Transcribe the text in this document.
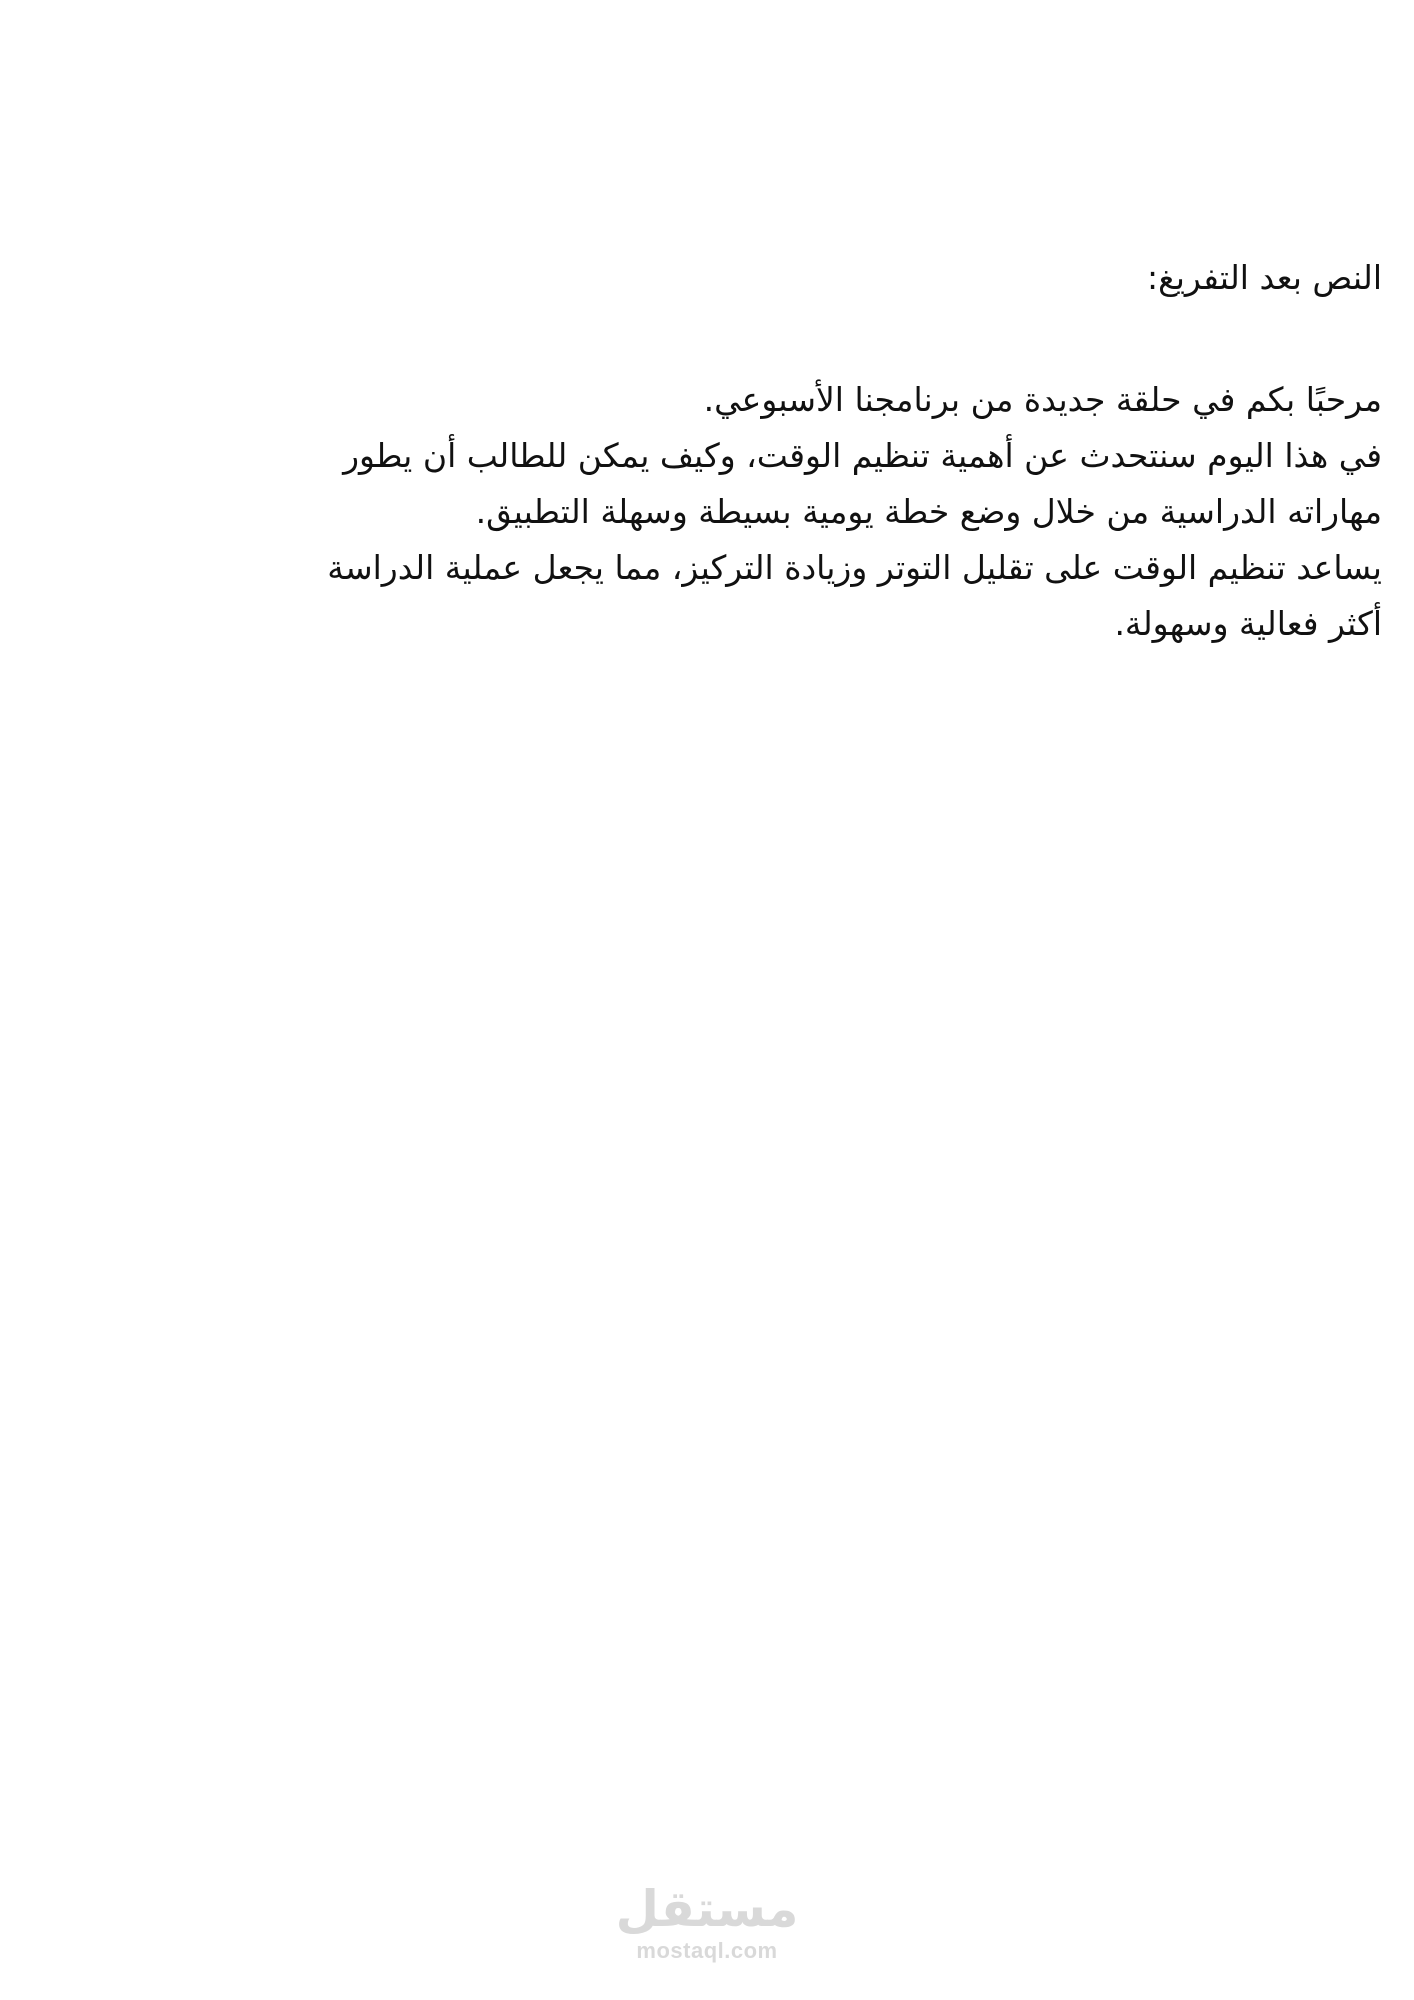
النص بعد التفريغ:
مرحبًا بكم في حلقة جديدة من برنامجنا الأسبوعي.
في هذا اليوم سنتحدث عن أهمية تنظيم الوقت، وكيف يمكن للطالب أن يطور
مهاراته الدراسية من خلال وضع خطة يومية بسيطة وسهلة التطبيق.
يساعد تنظيم الوقت على تقليل التوتر وزيادة التركيز، مما يجعل عملية الدراسة
أكثر فعالية وسهولة.
مستقل
mostaql.com
